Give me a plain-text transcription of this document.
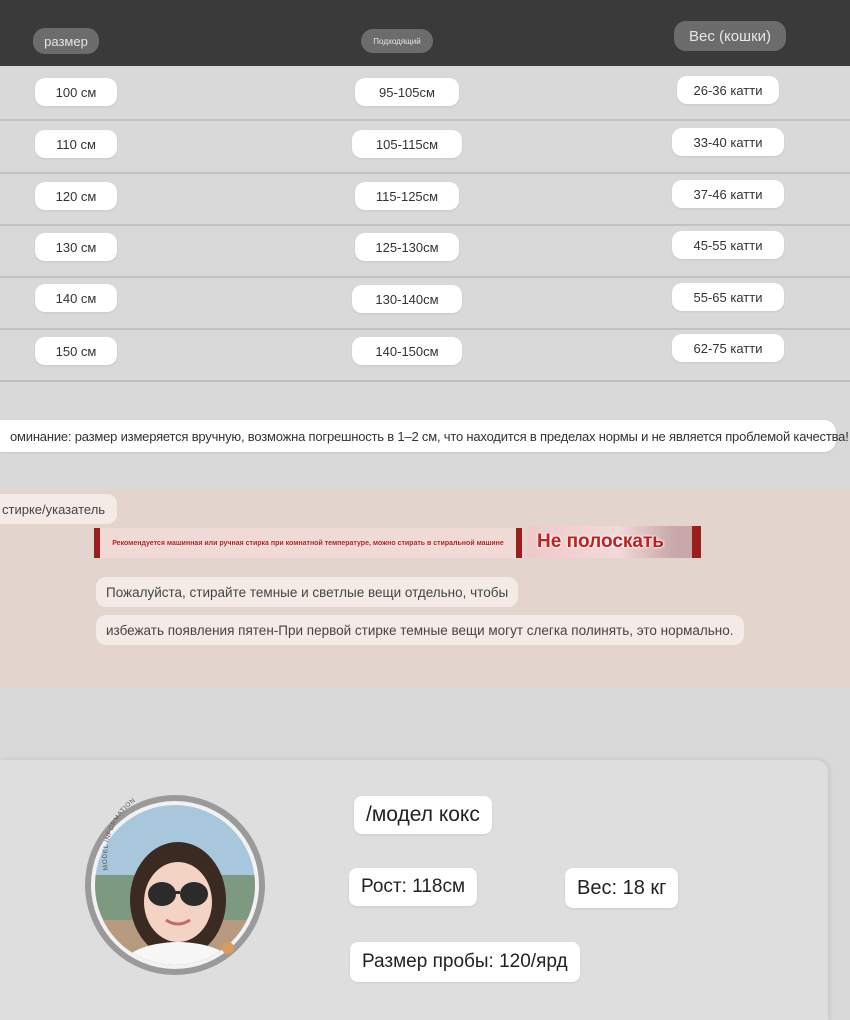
размер	Подходящий	Вес (кошки)
100 см	95-105см	26-36 катти
110 см	105-115см	33-40 катти
120 см	115-125см	37-46 катти
130 см	125-130см	45-55 катти
140 см	130-140см	55-65 катти
150 см	140-150см	62-75 катти
оминание: размер измеряется вручную, возможна погрешность в 1–2 см, что находится в пределах нормы и не является проблемой качества!
стирке/указатель
Рекомендуется машинная или ручная стирка при комнатной температуре, можно стирать в стиральной машине	Не полоскать
Пожалуйста, стирайте темные и светлые вещи отдельно, чтобы
избежать появления пятен-При первой стирке темные вещи могут слегка полинять, это нормально.
MODEL INFORMATION
/модел кокс
Рост: 118см	Вес: 18 кг
Размер пробы: 120/ярд
